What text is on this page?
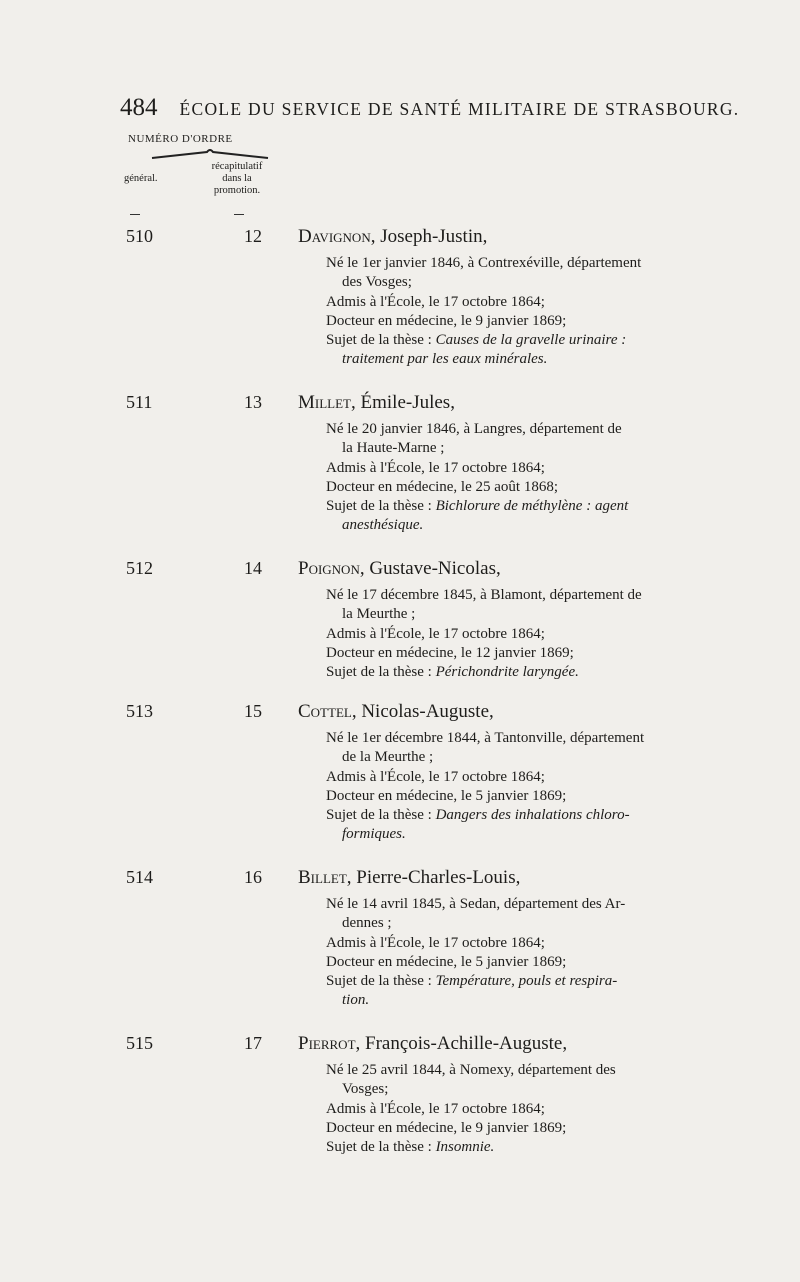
484 ÉCOLE DU SERVICE DE SANTÉ MILITAIRE DE STRASBOURG.
NUMÉRO D'ORDRE
général.
récapitulatif
dans la
promotion.
510	12 Davignon, Joseph-Justin,
Né le 1er janvier 1846, à Contrexéville, département
des Vosges;
Admis à l'École, le 17 octobre 1864;
Docteur en médecine, le 9 janvier 1869;
Sujet de la thèse : Causes de la gravelle urinaire :
traitement par les eaux minérales.
511	13 Millet, Émile-Jules,
Né le 20 janvier 1846, à Langres, département de
la Haute-Marne ;
Admis à l'École, le 17 octobre 1864;
Docteur en médecine, le 25 août 1868;
Sujet de la thèse : Bichlorure de méthylène : agent
anesthésique.
512	14 Poignon, Gustave-Nicolas,
Né le 17 décembre 1845, à Blamont, département de
la Meurthe ;
Admis à l'École, le 17 octobre 1864;
Docteur en médecine, le 12 janvier 1869;
Sujet de la thèse : Périchondrite laryngée.
513	15 Cottel, Nicolas-Auguste,
Né le 1er décembre 1844, à Tantonville, département
de la Meurthe ;
Admis à l'École, le 17 octobre 1864;
Docteur en médecine, le 5 janvier 1869;
Sujet de la thèse : Dangers des inhalations chloro-
formiques.
514	16 Billet, Pierre-Charles-Louis,
Né le 14 avril 1845, à Sedan, département des Ar-
dennes ;
Admis à l'École, le 17 octobre 1864;
Docteur en médecine, le 5 janvier 1869;
Sujet de la thèse : Température, pouls et respira-
tion.
515	17 Pierrot, François-Achille-Auguste,
Né le 25 avril 1844, à Nomexy, département des
Vosges;
Admis à l'École, le 17 octobre 1864;
Docteur en médecine, le 9 janvier 1869;
Sujet de la thèse : Insomnie.
